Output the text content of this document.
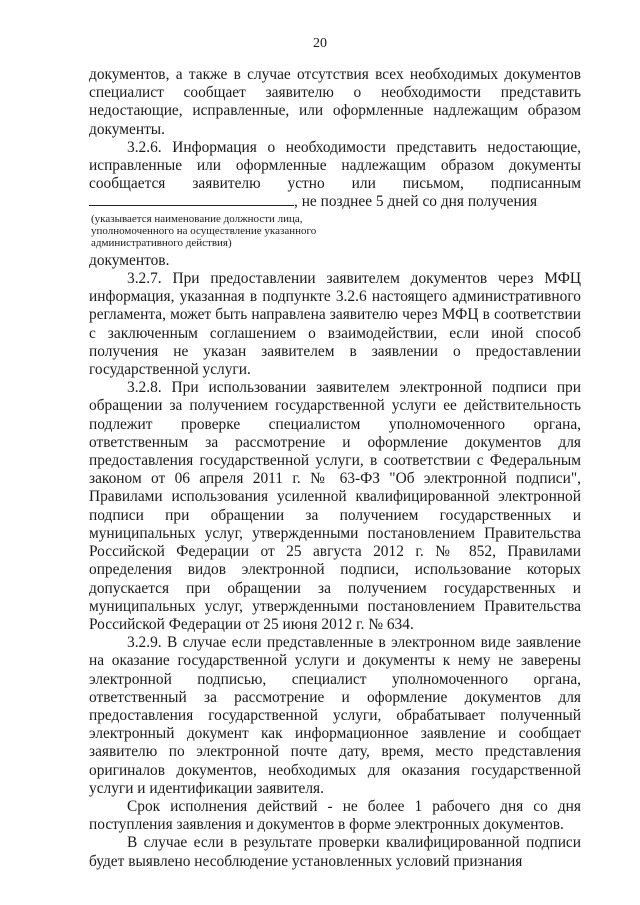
20

документов, а также в случае отсутствия всех необходимых документов специалист сообщает заявителю о необходимости представить недостающие, исправленные, или оформленные надлежащим образом документы.

3.2.6. Информация о необходимости представить недостающие, исправленные или оформленные надлежащим образом документы сообщается заявителю устно или письмом, подписанным , не позднее 5 дней со дня получения

(указывается наименование должности лица, уполномоченного на осуществление указанного административного действия)

документов.

3.2.7. При предоставлении заявителем документов через МФЦ информация, указанная в подпункте 3.2.6 настоящего административного регламента, может быть направлена заявителю через МФЦ в соответствии с заключенным соглашением о взаимодействии, если иной способ получения не указан заявителем в заявлении о предоставлении государственной услуги.

3.2.8. При использовании заявителем электронной подписи при обращении за получением государственной услуги ее действительность подлежит проверке специалистом уполномоченного органа, ответственным за рассмотрение и оформление документов для предоставления государственной услуги, в соответствии с Федеральным законом от 06 апреля 2011 г. № 63-ФЗ "Об электронной подписи", Правилами использования усиленной квалифицированной электронной подписи при обращении за получением государственных и муниципальных услуг, утвержденными постановлением Правительства Российской Федерации от 25 августа 2012 г. № 852, Правилами определения видов электронной подписи, использование которых допускается при обращении за получением государственных и муниципальных услуг, утвержденными постановлением Правительства Российской Федерации от 25 июня 2012 г. № 634.

3.2.9. В случае если представленные в электронном виде заявление на оказание государственной услуги и документы к нему не заверены электронной подписью, специалист уполномоченного органа, ответственный за рассмотрение и оформление документов для предоставления государственной услуги, обрабатывает полученный электронный документ как информационное заявление и сообщает заявителю по электронной почте дату, время, место представления оригиналов документов, необходимых для оказания государственной услуги и идентификации заявителя.

Срок исполнения действий - не более 1 рабочего дня со дня поступления заявления и документов в форме электронных документов.

В случае если в результате проверки квалифицированной подписи будет выявлено несоблюдение установленных условий признания
